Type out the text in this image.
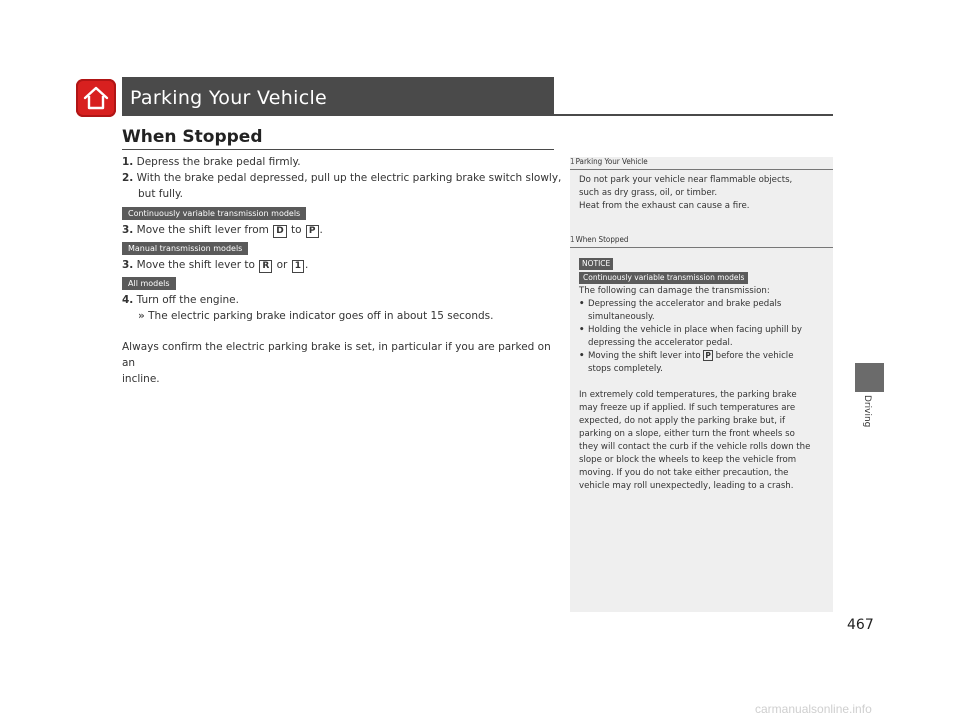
Parking Your Vehicle
When Stopped
1. Depress the brake pedal firmly.
2. With the brake pedal depressed, pull up the electric parking brake switch slowly,
but fully.
Continuously variable transmission models
3. Move the shift lever from D to P .
Manual transmission models
3. Move the shift lever to R or 1 .
All models
4. Turn off the engine.
» The electric parking brake indicator goes off in about 15 seconds.
Always confirm the electric parking brake is set, in particular if you are parked on an
incline.
1Parking Your Vehicle
Do not park your vehicle near flammable objects,
such as dry grass, oil, or timber.
Heat from the exhaust can cause a fire.
1When Stopped
NOTICE
Continuously variable transmission models
The following can damage the transmission:
• Depressing the accelerator and brake pedals
simultaneously.
• Holding the vehicle in place when facing uphill by
depressing the accelerator pedal.
• Moving the shift lever into P before the vehicle
stops completely.
In extremely cold temperatures, the parking brake
may freeze up if applied. If such temperatures are
expected, do not apply the parking brake but, if
parking on a slope, either turn the front wheels so
they will contact the curb if the vehicle rolls down the
slope or block the wheels to keep the vehicle from
moving. If you do not take either precaution, the
vehicle may roll unexpectedly, leading to a crash.
Driving
467
carmanualsonline.info
